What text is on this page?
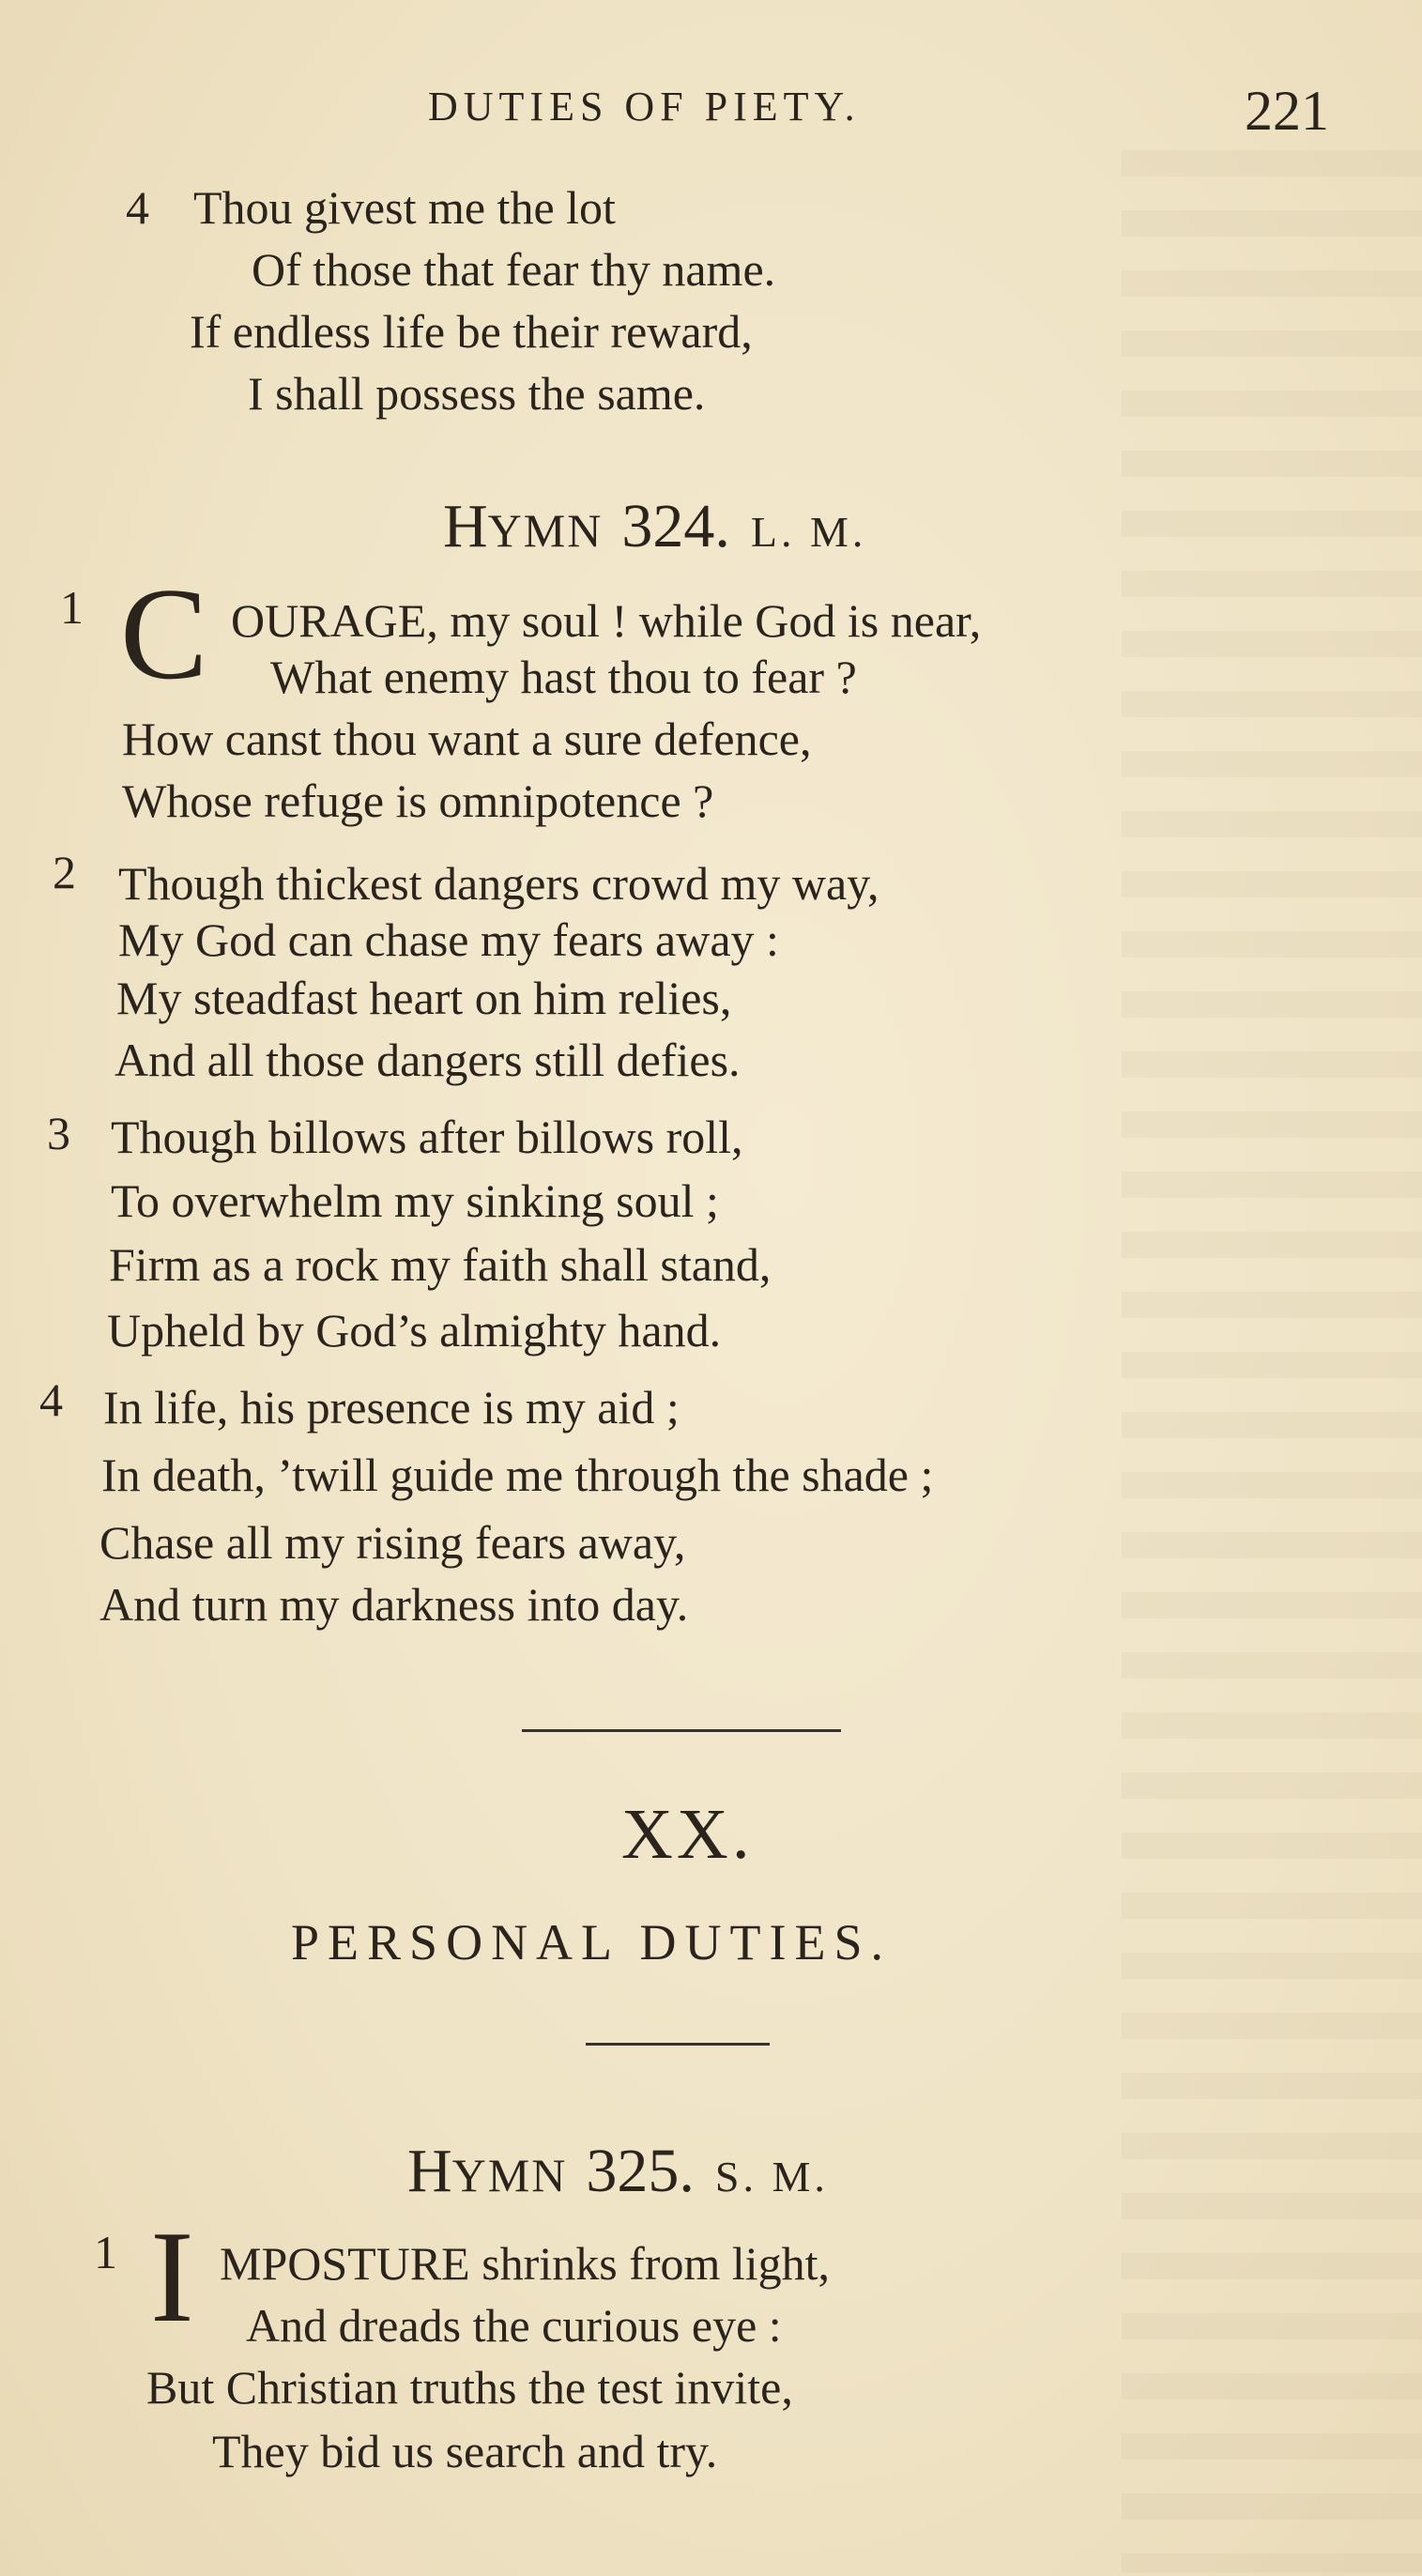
DUTIES OF PIETY.	221
4 Thou givest me the lot
Of those that fear thy name.
If endless life be their reward,
I shall possess the same.
HYMN 324. L. M.
1 C OURAGE, my soul ! while God is near,
What enemy hast thou to fear ?
How canst thou want a sure defence,
Whose refuge is omnipotence ?
2 Though thickest dangers crowd my way,
My God can chase my fears away :
My steadfast heart on him relies,
And all those dangers still defies.
3 Though billows after billows roll,
To overwhelm my sinking soul ;
Firm as a rock my faith shall stand,
Upheld by God’s almighty hand.
4 In life, his presence is my aid ;
In death, ’twill guide me through the shade ;
Chase all my rising fears away,
And turn my darkness into day.
XX.
PERSONAL DUTIES.
HYMN 325. S. M.
1 I MPOSTURE shrinks from light,
And dreads the curious eye :
But Christian truths the test invite,
They bid us search and try.
